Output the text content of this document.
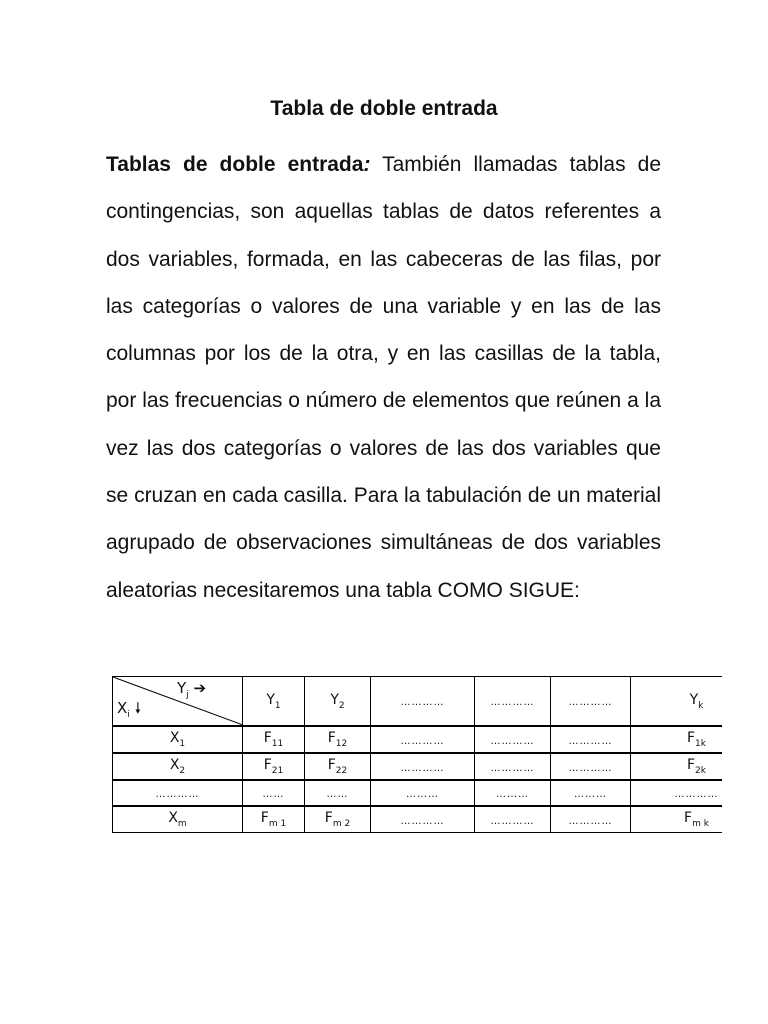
Tabla de doble entrada
Tablas de doble entrada: También llamadas tablas de contingencias, son aquellas tablas de datos referentes a dos variables, formada, en las cabeceras de las filas, por las categorías o valores de una variable y en las de las columnas por los de la otra, y en las casillas de la tabla, por las frecuencias o número de elementos que reúnen a la vez las dos categorías o valores de las dos variables que se cruzan en cada casilla. Para la tabulación de un material agrupado de observaciones simultáneas de dos variables aleatorias necesitaremos una tabla COMO SIGUE:
$Y_j$ ➔
$X_i$ 🠗	$Y_1$	$Y_2$	…………	…………	…………	$Y_k$
$X_1$	$F_{11}$	$F_{12}$	…………	…………	…………	$F_{1k}$
$X_2$	$F_{21}$	$F_{22}$	…………	…………	…………	$F_{2k}$
…………	……	……	………	………	………	…………
$X_m$	$F_{m 1}$	$F_{m 2}$	…………	…………	…………	$F_{m k}$
